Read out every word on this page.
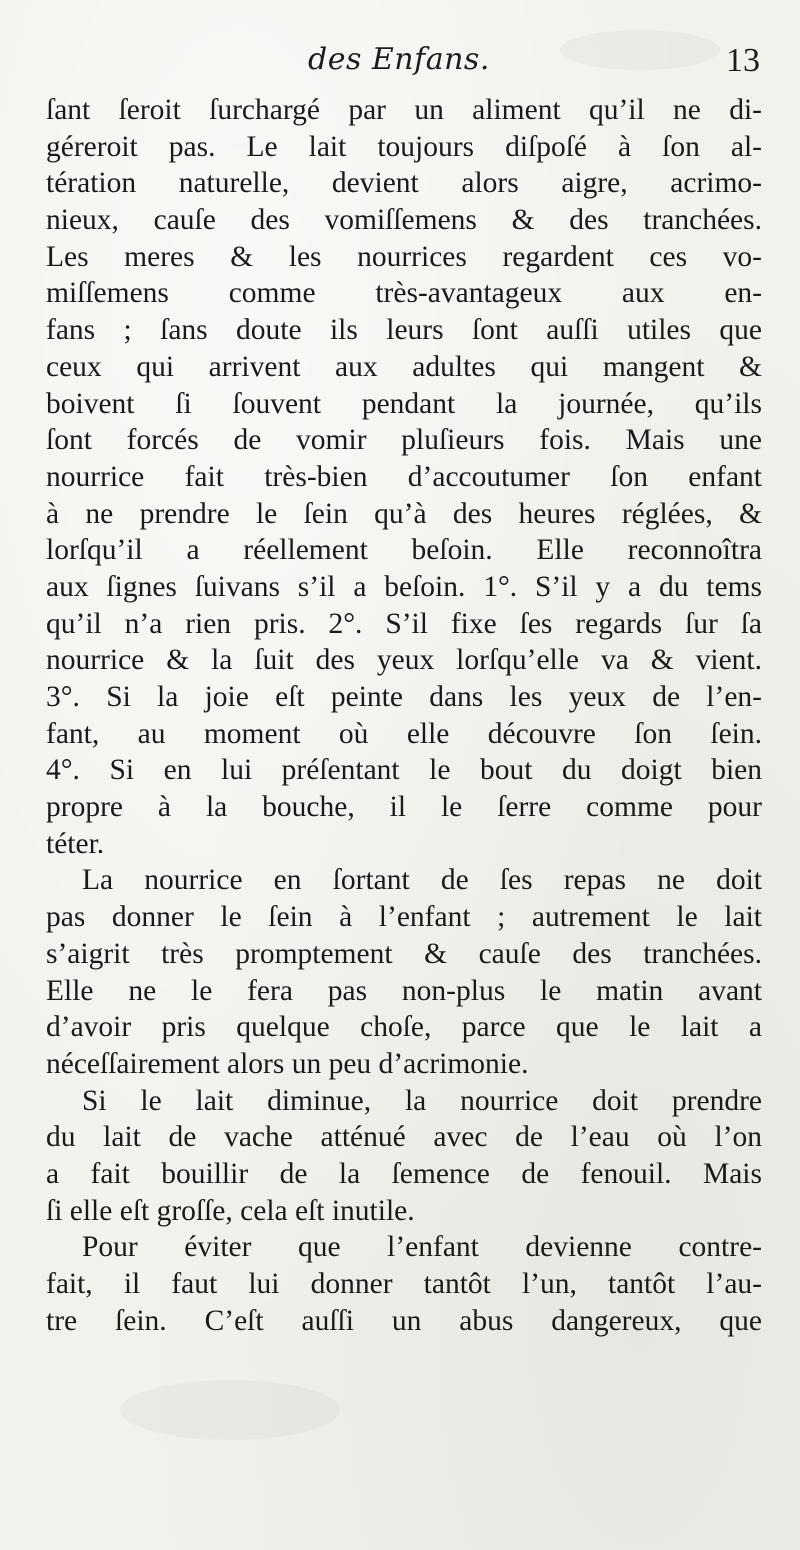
des Enfans.	13
ſant ſeroit ſurchargé par un aliment qu’il ne di-
géreroit pas. Le lait toujours diſpoſé à ſon al-
tération naturelle, devient alors aigre, acrimo-
nieux, cauſe des vomiſſemens & des tranchées.
Les meres & les nourrices regardent ces vo-
miſſemens comme très-avantageux aux en-
fans ; ſans doute ils leurs ſont auſſi utiles que
ceux qui arrivent aux adultes qui mangent &
boivent ſi ſouvent pendant la journée, qu’ils
ſont forcés de vomir pluſieurs fois. Mais une
nourrice fait très-bien d’accoutumer ſon enfant
à ne prendre le ſein qu’à des heures réglées, &
lorſqu’il a réellement beſoin. Elle reconnoîtra
aux ſignes ſuivans s’il a beſoin. 1°. S’il y a du tems
qu’il n’a rien pris. 2°. S’il fixe ſes regards ſur ſa
nourrice & la ſuit des yeux lorſqu’elle va & vient.
3°. Si la joie eſt peinte dans les yeux de l’en-
fant, au moment où elle découvre ſon ſein.
4°. Si en lui préſentant le bout du doigt bien
propre à la bouche, il le ſerre comme pour
téter.
La nourrice en ſortant de ſes repas ne doit
pas donner le ſein à l’enfant ; autrement le lait
s’aigrit très promptement & cauſe des tranchées.
Elle ne le fera pas non-plus le matin avant
d’avoir pris quelque choſe, parce que le lait a
néceſſairement alors un peu d’acrimonie.
Si le lait diminue, la nourrice doit prendre
du lait de vache atténué avec de l’eau où l’on
a fait bouillir de la ſemence de fenouil. Mais
ſi elle eſt groſſe, cela eſt inutile.
Pour éviter que l’enfant devienne contre-
fait, il faut lui donner tantôt l’un, tantôt l’au-
tre ſein. C’eſt auſſi un abus dangereux, que
